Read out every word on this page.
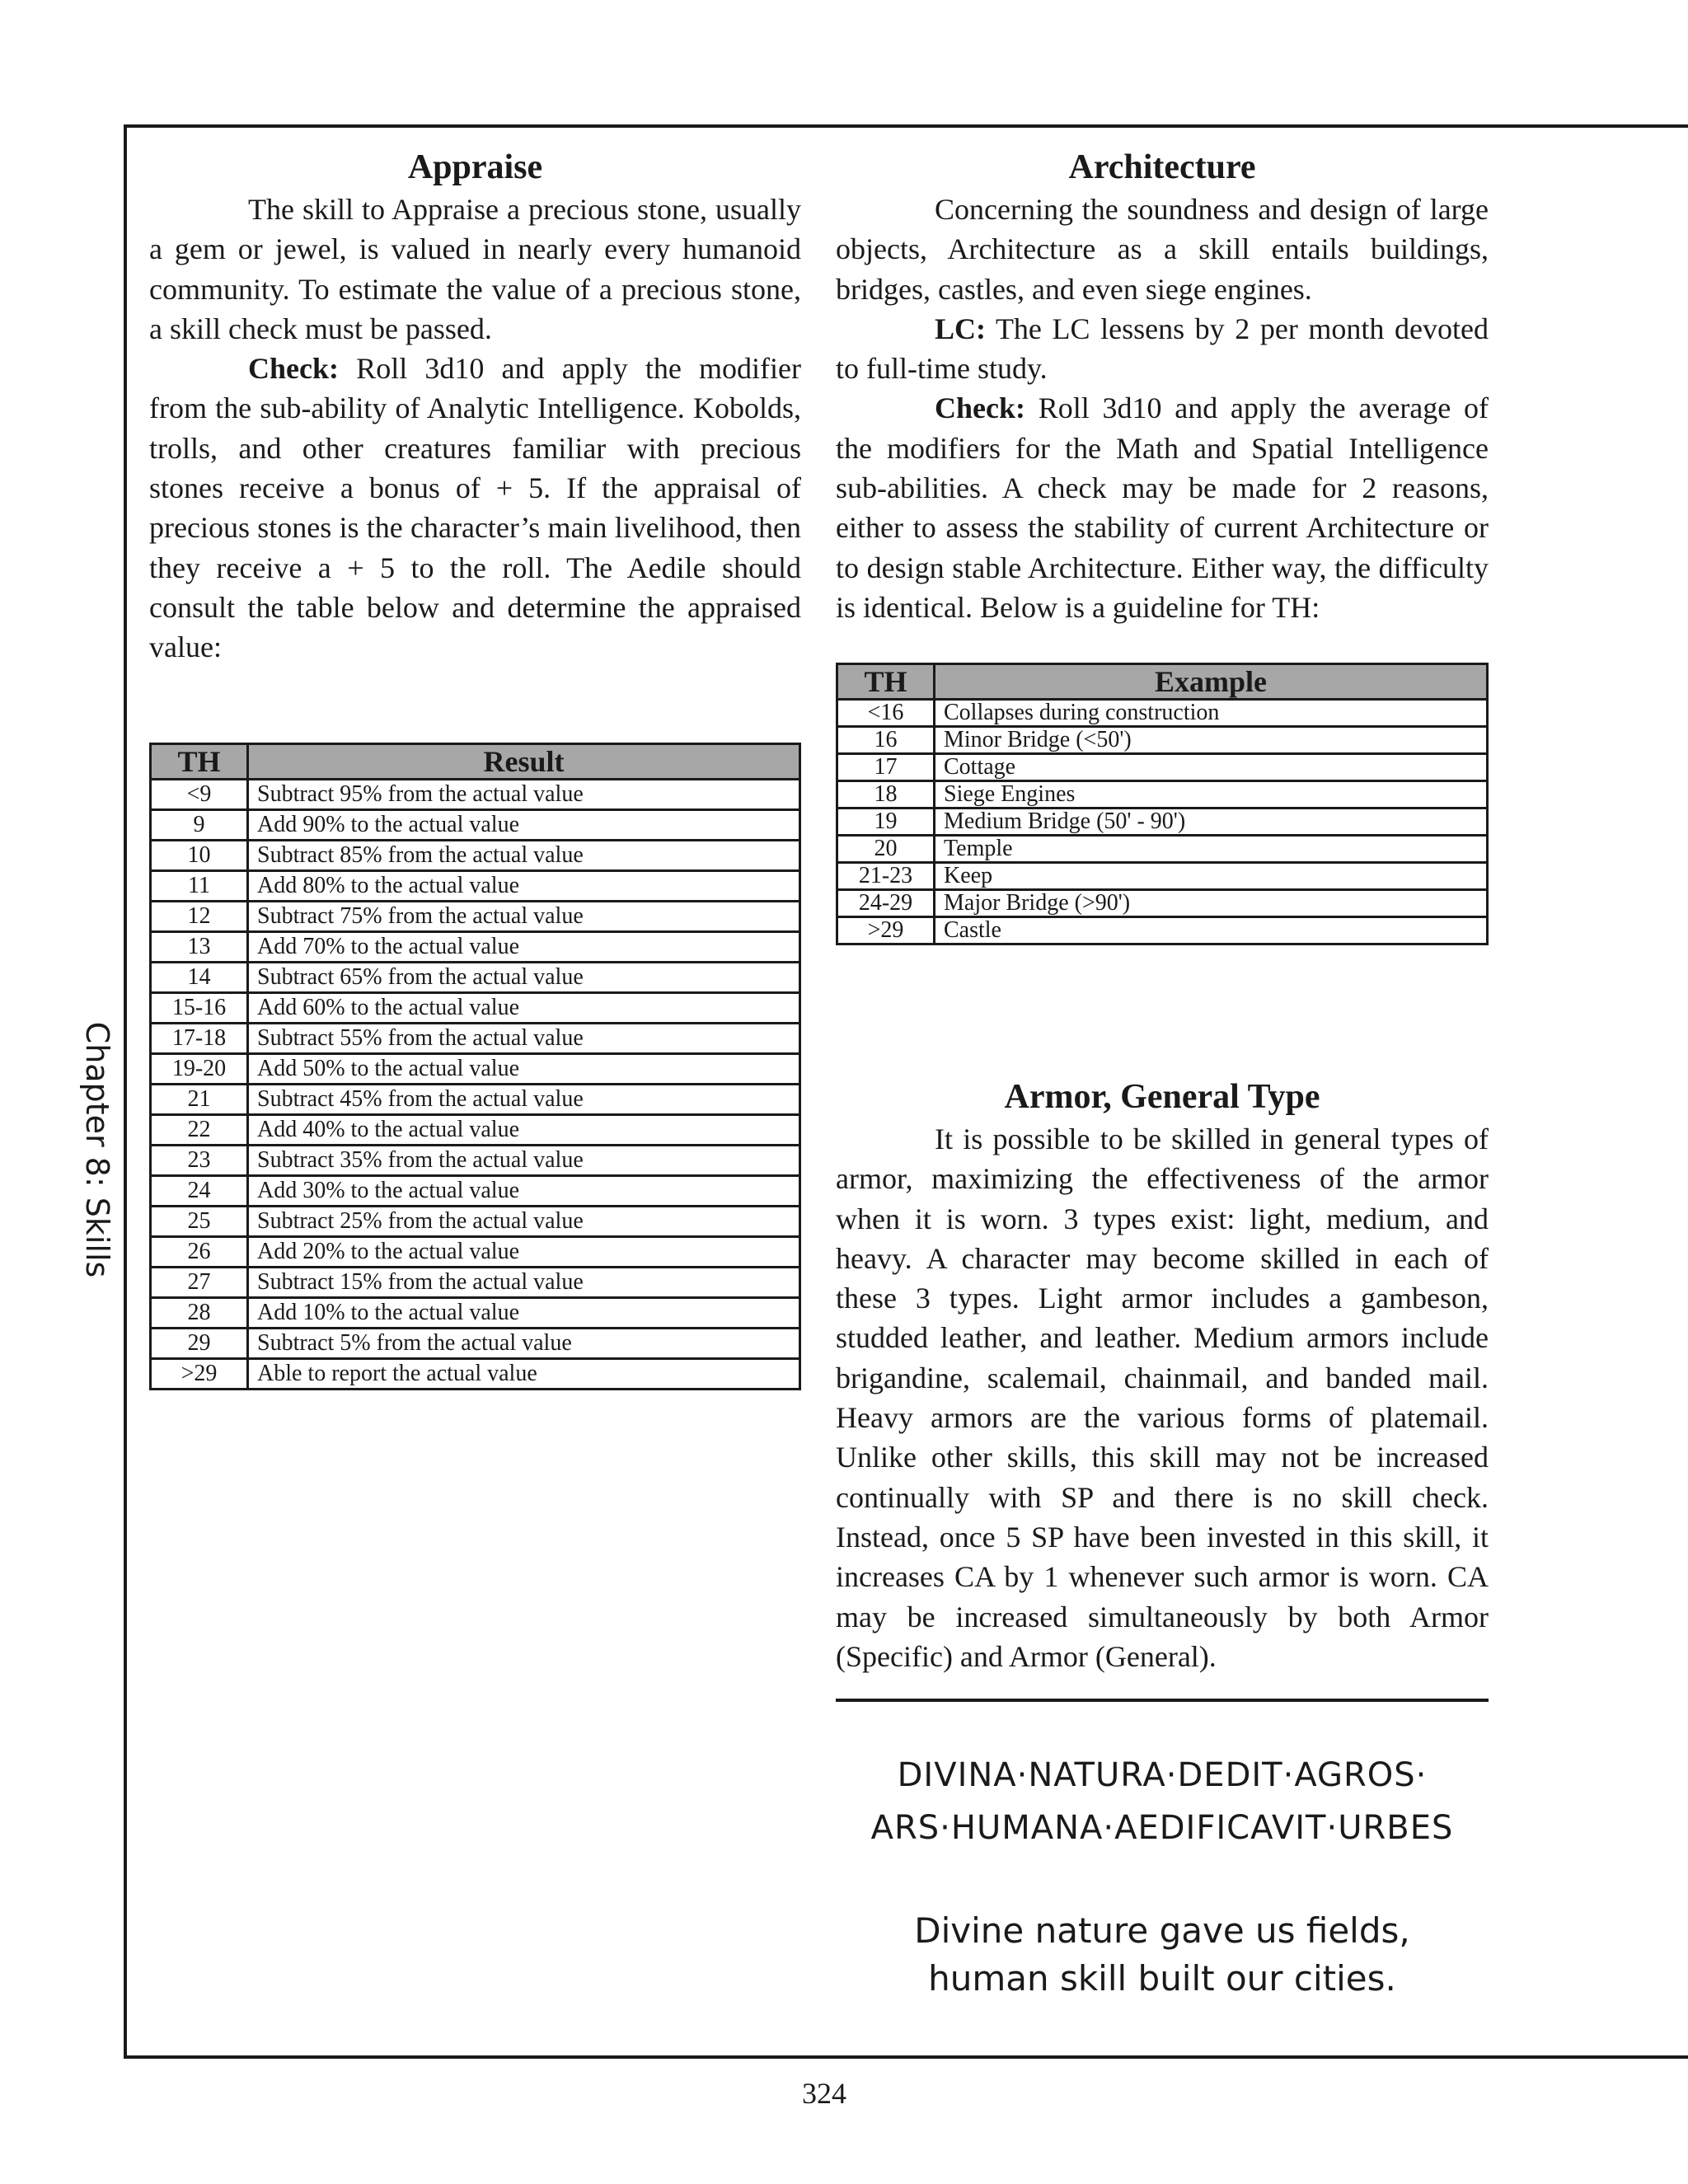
Chapter 8: Skills
Appraise

The skill to Appraise a precious stone, usually a gem or jewel, is valued in nearly every humanoid community. To estimate the value of a precious stone, a skill check must be passed.

Check: Roll 3d10 and apply the modifier from the sub-ability of Analytic Intelligence. Kobolds, trolls, and other creatures familiar with precious stones receive a bonus of + 5. If the appraisal of precious stones is the character’s main livelihood, then they receive a + 5 to the roll. The Aedile should consult the table below and determine the appraised value:

TH	Result
<9	Subtract 95% from the actual value
9	Add 90% to the actual value
10	Subtract 85% from the actual value
11	Add 80% to the actual value
12	Subtract 75% from the actual value
13	Add 70% to the actual value
14	Subtract 65% from the actual value
15-16	Add 60% to the actual value
17-18	Subtract 55% from the actual value
19-20	Add 50% to the actual value
21	Subtract 45% from the actual value
22	Add 40% to the actual value
23	Subtract 35% from the actual value
24	Add 30% to the actual value
25	Subtract 25% from the actual value
26	Add 20% to the actual value
27	Subtract 15% from the actual value
28	Add 10% to the actual value
29	Subtract 5% from the actual value
>29	Able to report the actual value
Architecture

Concerning the soundness and design of large objects, Architecture as a skill entails buildings, bridges, castles, and even siege engines.

LC: The LC lessens by 2 per month devoted to full-time study.

Check: Roll 3d10 and apply the average of the modifiers for the Math and Spatial Intelligence sub-abilities. A check may be made for 2 reasons, either to assess the stability of current Architecture or to design stable Architecture. Either way, the difficulty is identical. Below is a guideline for TH:

TH	Example
<16	Collapses during construction
16	Minor Bridge (<50')
17	Cottage
18	Siege Engines
19	Medium Bridge (50' - 90')
20	Temple
21-23	Keep
24-29	Major Bridge (>90')
>29	Castle
Armor, General Type

It is possible to be skilled in general types of armor, maximizing the effectiveness of the armor when it is worn. 3 types exist: light, medium, and heavy. A character may become skilled in each of these 3 types. Light armor includes a gambeson, studded leather, and leather. Medium armors include brigandine, scalemail, chainmail, and banded mail. Heavy armors are the various forms of platemail. Unlike other skills, this skill may not be increased continually with SP and there is no skill check. Instead, once 5 SP have been invested in this skill, it increases CA by 1 whenever such armor is worn. CA may be increased simultaneously by both Armor (Specific) and Armor (General).

DIVINA·NATURA·DEDIT·AGROS·
ARS·HUMANA·AEDIFICAVIT·URBES
Divine nature gave us fields,
human skill built our cities.
324
